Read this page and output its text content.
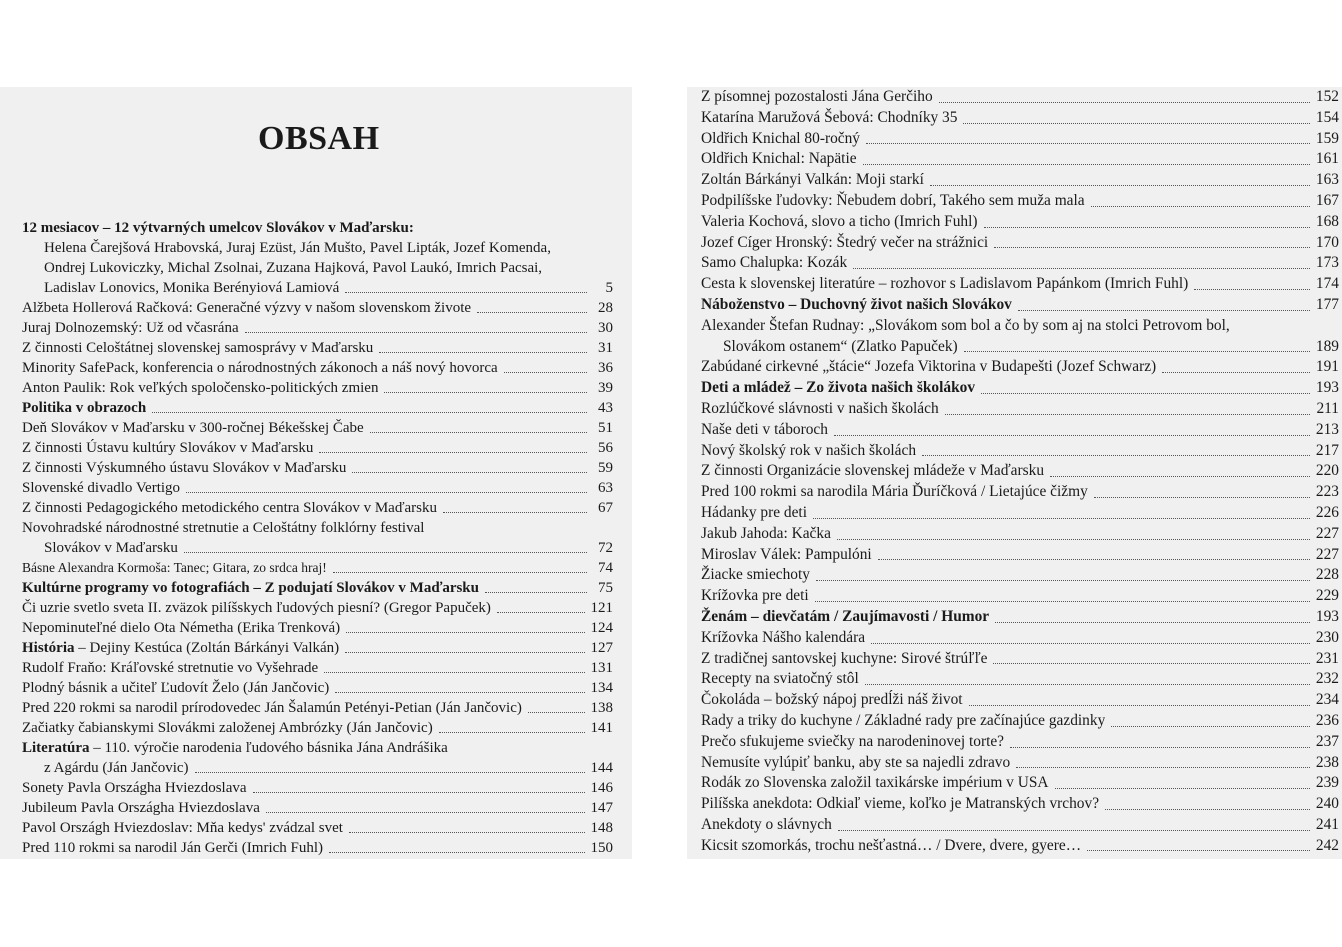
OBSAH
12 mesiacov – 12 výtvarných umelcov Slovákov v Maďarsku:
Helena Čarejšová Hrabovská, Juraj Ezüst, Ján Mušto, Pavel Lipták, Jozef Komenda,
Ondrej Lukoviczky, Michal Zsolnai, Zuzana Hajková, Pavol Laukó, Imrich Pacsai,
Ladislav Lonovics, Monika Berényiová Lamiová	5
Alžbeta Hollerová Račková: Generačné výzvy v našom slovenskom živote	28
Juraj Dolnozemský: Už od včasrána	30
Z činnosti Celoštátnej slovenskej samosprávy v Maďarsku	31
Minority SafePack, konferencia o národnostných zákonoch a náš nový hovorca	36
Anton Paulik: Rok veľkých spoločensko-politických zmien	39
Politika v obrazoch	43
Deň Slovákov v Maďarsku v 300-ročnej Békešskej Čabe	51
Z činnosti Ústavu kultúry Slovákov v Maďarsku	56
Z činnosti Výskumného ústavu Slovákov v Maďarsku	59
Slovenské divadlo Vertigo	63
Z činnosti Pedagogického metodického centra Slovákov v Maďarsku	67
Novohradské národnostné stretnutie a Celoštátny folklórny festival
Slovákov v Maďarsku	72
Básne Alexandra Kormoša: Tanec; Gitara, zo srdca hraj!	74
Kultúrne programy vo fotografiách – Z podujatí Slovákov v Maďarsku	75
Či uzrie svetlo sveta II. zväzok pilíšskych ľudových piesní? (Gregor Papuček)	121
Nepominuteľné dielo Ota Németha (Erika Trenková)	124
História – Dejiny Kestúca (Zoltán Bárkányi Valkán)	127
Rudolf Fraňo: Kráľovské stretnutie vo Vyšehrade	131
Plodný básnik a učiteľ Ľudovít Želo (Ján Jančovic)	134
Pred 220 rokmi sa narodil prírodovedec Ján Šalamún Petényi-Petian (Ján Jančovic)	138
Začiatky čabianskymi Slovákmi založenej Ambrózky (Ján Jančovic)	141
Literatúra – 110. výročie narodenia ľudového básnika Jána Andrášika
z Agárdu (Ján Jančovic)	144
Sonety Pavla Országha Hviezdoslava	146
Jubileum Pavla Országha Hviezdoslava	147
Pavol Országh Hviezdoslav: Mňa kedys' zvádzal svet	148
Pred 110 rokmi sa narodil Ján Gerči (Imrich Fuhl)	150
Z písomnej pozostalosti Jána Gerčiho	152
Katarína Maružová Šebová: Chodníky 35	154
Oldřich Knichal 80-ročný	159
Oldřich Knichal: Napätie	161
Zoltán Bárkányi Valkán: Moji starkí	163
Podpilíšske ľudovky: Ňebudem dobrí, Takého sem muža mala	167
Valeria Kochová, slovo a ticho (Imrich Fuhl)	168
Jozef Cíger Hronský: Štedrý večer na strážnici	170
Samo Chalupka: Kozák	173
Cesta k slovenskej literatúre – rozhovor s Ladislavom Papánkom (Imrich Fuhl)	174
Náboženstvo – Duchovný život našich Slovákov	177
Alexander Štefan Rudnay: „Slovákom som bol a čo by som aj na stolci Petrovom bol,
Slovákom ostanem“ (Zlatko Papuček)	189
Zabúdané cirkevné „štácie“ Jozefa Viktorina v Budapešti (Jozef Schwarz)	191
Deti a mládež – Zo života našich školákov	193
Rozlúčkové slávnosti v našich školách	211
Naše deti v táboroch	213
Nový školský rok v našich školách	217
Z činnosti Organizácie slovenskej mládeže v Maďarsku	220
Pred 100 rokmi sa narodila Mária Ďuríčková / Lietajúce čižmy	223
Hádanky pre deti	226
Jakub Jahoda: Kačka	227
Miroslav Válek: Pampulóni	227
Žiacke smiechoty	228
Krížovka pre deti	229
Ženám – dievčatám / Zaujímavosti / Humor	193
Krížovka Nášho kalendára	230
Z tradičnej santovskej kuchyne: Sirové štrúľľe	231
Recepty na sviatočný stôl	232
Čokoláda – božský nápoj predĺži náš život	234
Rady a triky do kuchyne / Základné rady pre začínajúce gazdinky	236
Prečo sfukujeme sviečky na narodeninovej torte?	237
Nemusíte vylúpiť banku, aby ste sa najedli zdravo	238
Rodák zo Slovenska založil taxikárske impérium v USA	239
Pilíšska anekdota: Odkiaľ vieme, koľko je Matranských vrchov?	240
Anekdoty o slávnych	241
Kicsit szomorkás, trochu nešťastná… / Dvere, dvere, gyere…	242
